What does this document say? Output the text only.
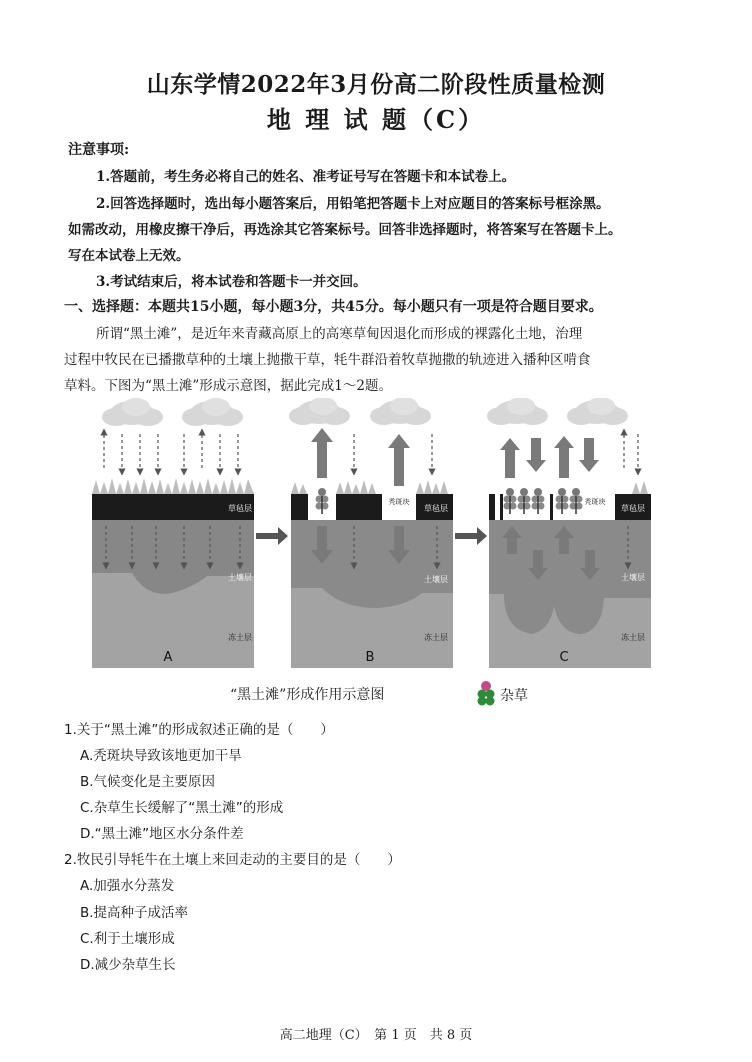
山东学情2022年3月份高二阶段性质量检测
地 理 试 题（C）
注意事项:
1.答题前，考生务必将自己的姓名、准考证号写在答题卡和本试卷上。
2.回答选择题时，选出每小题答案后，用铅笔把答题卡上对应题目的答案标号框涂黑。
如需改动，用橡皮擦干净后，再选涂其它答案标号。回答非选择题时，将答案写在答题卡上。
写在本试卷上无效。
3.考试结束后，将本试卷和答题卡一并交回。
一、选择题：本题共15小题，每小题3分，共45分。每小题只有一项是符合题目要求。
所谓“黑土滩”，是近年来青藏高原上的高寒草甸因退化而形成的裸露化土地，治理
过程中牧民在已播撒草种的土壤上抛撒干草，牦牛群沿着牧草抛撒的轨迹进入播种区啃食
草料。下图为“黑土滩”形成示意图，据此完成1～2题。
草毡层
土壤层
冻土层
A
秃斑块
草毡层
土壤层
冻土层
B
秃斑块
草毡层
土壤层
冻土层
C
“黑土滩”形成作用示意图	杂草
1.关于“黑土滩”的形成叙述正确的是（　　）
A.秃斑块导致该地更加干旱
B.气候变化是主要原因
C.杂草生长缓解了“黑土滩”的形成
D.“黑土滩”地区水分条件差
2.牧民引导牦牛在土壤上来回走动的主要目的是（　　）
A.加强水分蒸发
B.提高种子成活率
C.利于土壤形成
D.减少杂草生长
高二地理（C）　第 1 页　共 8 页
